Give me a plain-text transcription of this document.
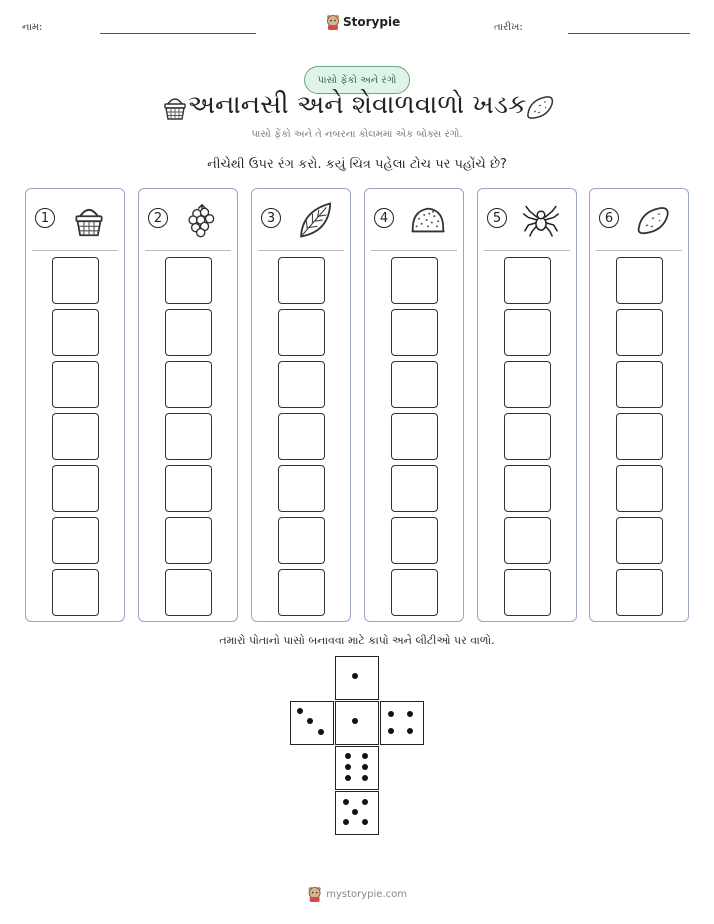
નામ:	Storypie	તારીખ:
પાસો ફેંકો અને રંગો
અનાનસી અને શેવાળવાળો ખડક
પાસો ફેંકો અને તે નંબરના કોલમમાં એક બોક્સ રંગો.
નીચેથી ઉપર રંગ કરો. કયું ચિત્ર પહેલા ટોચ પર પહોંચે છે?
1	2	3	4	5	6
તમારો પોતાનો પાસો બનાવવા માટે કાપો અને લીટીઓ પર વાળો.
mystorypie.com
